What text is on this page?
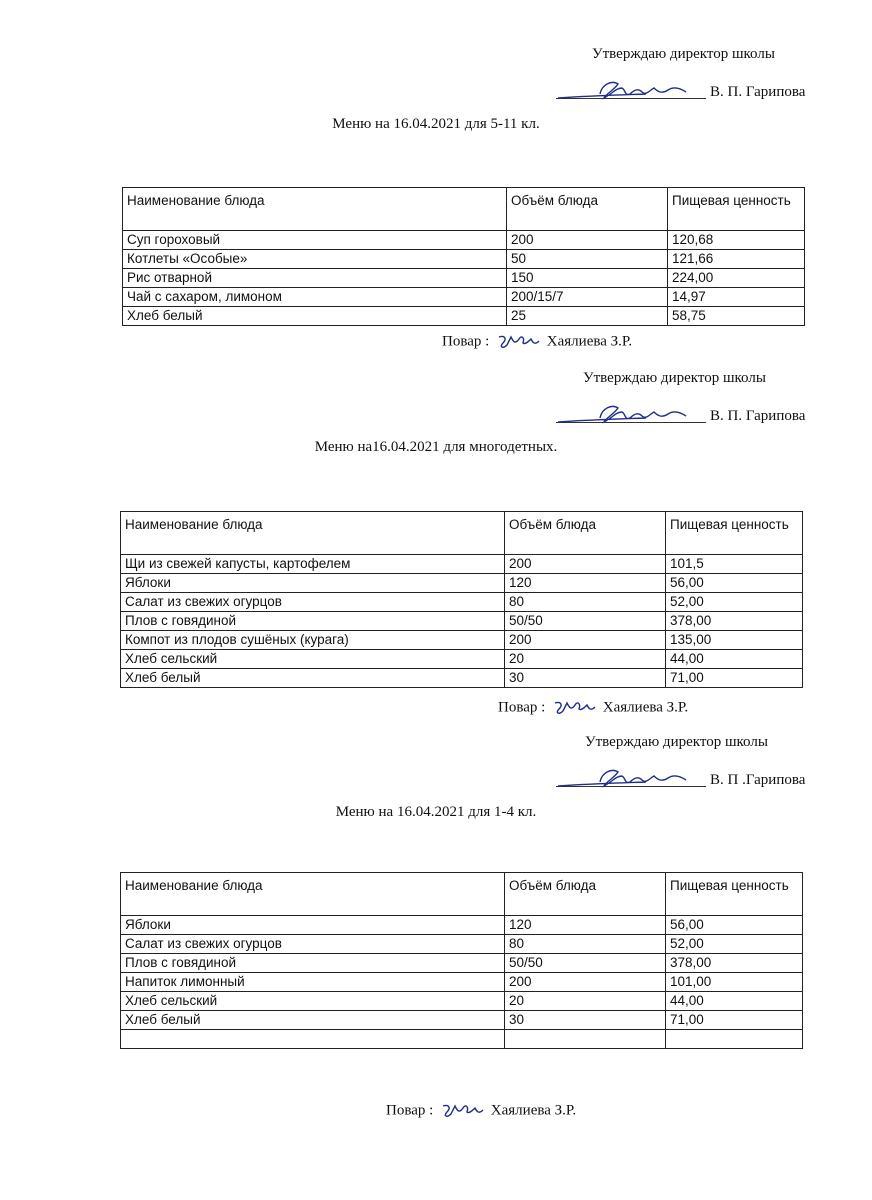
Утверждаю директор школы
В. П. Гарипова
Меню на 16.04.2021 для 5-11 кл.
Наименование блюда	Объём блюда	Пищевая ценность
Суп гороховый	200	120,68
Котлеты «Особые»	50	121,66
Рис отварной	150	224,00
Чай с сахаром, лимоном	200/15/7	14,97
Хлеб белый	25	58,75
Повар :	Хаялиева З.Р.
Утверждаю директор школы
В. П. Гарипова
Меню на16.04.2021 для многодетных.
Наименование блюда	Объём блюда	Пищевая ценность
Щи из свежей капусты, картофелем	200	101,5
Яблоки	120	56,00
Салат из свежих огурцов	80	52,00
Плов с говядиной	50/50	378,00
Компот из плодов сушёных (курага)	200	135,00
Хлеб сельский	20	44,00
Хлеб белый	30	71,00
Повар :	Хаялиева З.Р.
Утверждаю директор школы
В. П .Гарипова
Меню на 16.04.2021 для 1-4 кл.
Наименование блюда	Объём блюда	Пищевая ценность
Яблоки	120	56,00
Салат из свежих огурцов	80	52,00
Плов с говядиной	50/50	378,00
Напиток лимонный	200	101,00
Хлеб сельский	20	44,00
Хлеб белый	30	71,00

Повар :	Хаялиева З.Р.
